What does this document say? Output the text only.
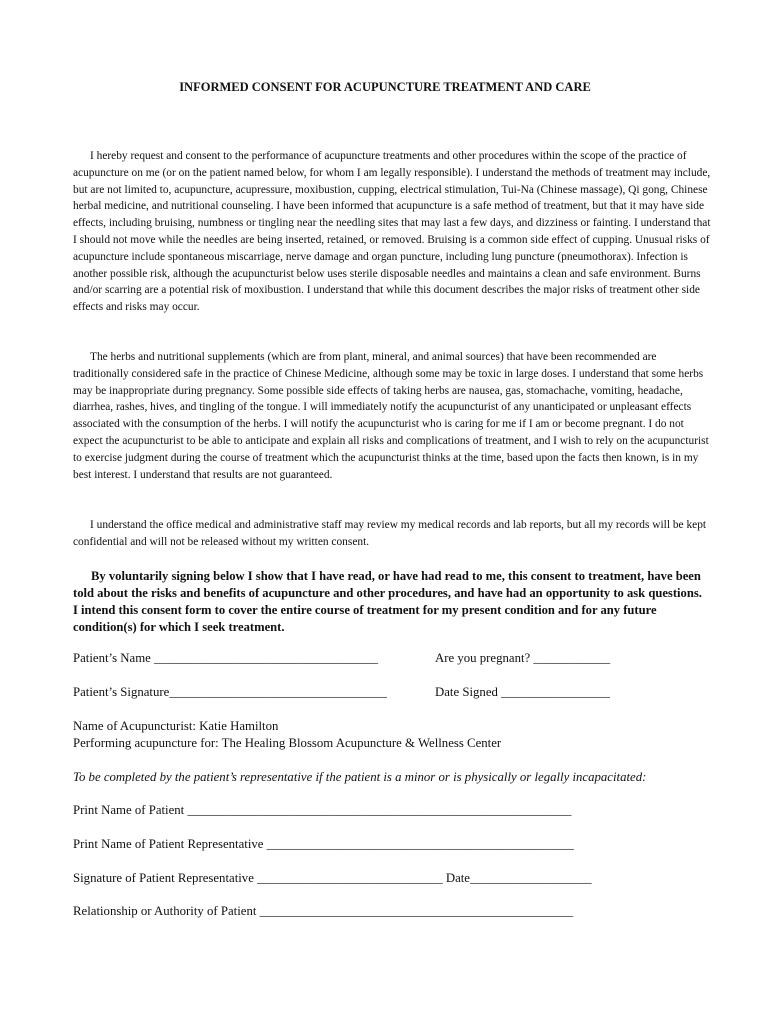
INFORMED CONSENT FOR ACUPUNCTURE TREATMENT AND CARE

I hereby request and consent to the performance of acupuncture treatments and other procedures within the scope of the practice of acupuncture on me (or on the patient named below, for whom I am legally responsible). I understand the methods of treatment may include, but are not limited to, acupuncture, acupressure, moxibustion, cupping, electrical stimulation, Tui-Na (Chinese massage), Qi gong, Chinese herbal medicine, and nutritional counseling. I have been informed that acupuncture is a safe method of treatment, but that it may have side effects, including bruising, numbness or tingling near the needling sites that may last a few days, and dizziness or fainting. I understand that I should not move while the needles are being inserted, retained, or removed. Bruising is a common side effect of cupping. Unusual risks of acupuncture include spontaneous miscarriage, nerve damage and organ puncture, including lung puncture (pneumothorax). Infection is another possible risk, although the acupuncturist below uses sterile disposable needles and maintains a clean and safe environment. Burns and/or scarring are a potential risk of moxibustion. I understand that while this document describes the major risks of treatment other side effects and risks may occur.

The herbs and nutritional supplements (which are from plant, mineral, and animal sources) that have been recommended are traditionally considered safe in the practice of Chinese Medicine, although some may be toxic in large doses. I understand that some herbs may be inappropriate during pregnancy. Some possible side effects of taking herbs are nausea, gas, stomachache, vomiting, headache, diarrhea, rashes, hives, and tingling of the tongue. I will immediately notify the acupuncturist of any unanticipated or unpleasant effects associated with the consumption of the herbs. I will notify the acupuncturist who is caring for me if I am or become pregnant. I do not expect the acupuncturist to be able to anticipate and explain all risks and complications of treatment, and I wish to rely on the acupuncturist to exercise judgment during the course of treatment which the acupuncturist thinks at the time, based upon the facts then known, is in my best interest. I understand that results are not guaranteed.

I understand the office medical and administrative staff may review my medical records and lab reports, but all my records will be kept confidential and will not be released without my written consent.

By voluntarily signing below I show that I have read, or have had read to me, this consent to treatment, have been told about the risks and benefits of acupuncture and other procedures, and have had an opportunity to ask questions. I intend this consent form to cover the entire course of treatment for my present condition and for any future condition(s) for which I seek treatment.

Patient’s Name ___________________________________	Are you pregnant? ____________
Patient’s Signature__________________________________	Date Signed _________________
Name of Acupuncturist: Katie Hamilton
Performing acupuncture for: The Healing Blossom Acupuncture & Wellness Center
To be completed by the patient’s representative if the patient is a minor or is physically or legally incapacitated:
Print Name of Patient ____________________________________________________________
Print Name of Patient Representative ________________________________________________
Signature of Patient Representative _____________________________ Date___________________
Relationship or Authority of Patient _________________________________________________
